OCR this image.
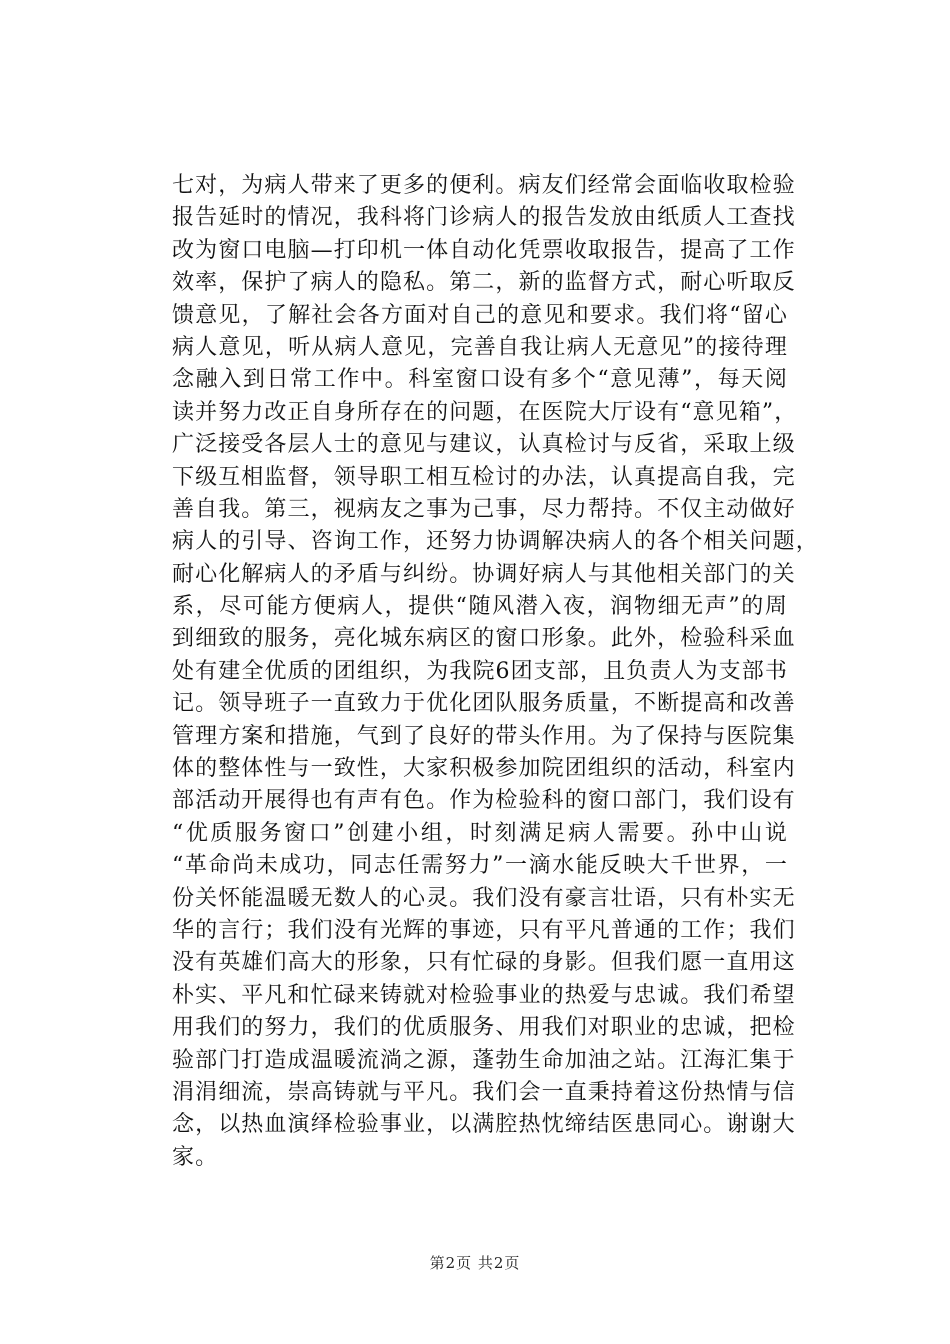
七对，为病人带来了更多的便利。病友们经常会面临收取检验
报告延时的情况，我科将门诊病人的报告发放由纸质人工查找
改为窗口电脑—打印机一体自动化凭票收取报告，提高了工作
效率，保护了病人的隐私。第二，新的监督方式，耐心听取反
馈意见，了解社会各方面对自己的意见和要求。我们将“留心
病人意见，听从病人意见，完善自我让病人无意见”的接待理
念融入到日常工作中。科室窗口设有多个“意见薄”，每天阅
读并努力改正自身所存在的问题，在医院大厅设有“意见箱”，
广泛接受各层人士的意见与建议，认真检讨与反省，采取上级
下级互相监督，领导职工相互检讨的办法，认真提高自我，完
善自我。第三，视病友之事为己事，尽力帮持。不仅主动做好
病人的引导、咨询工作，还努力协调解决病人的各个相关问题，
耐心化解病人的矛盾与纠纷。协调好病人与其他相关部门的关
系，尽可能方便病人，提供“随风潜入夜，润物细无声”的周
到细致的服务，亮化城东病区的窗口形象。此外，检验科采血
处有建全优质的团组织，为我院6团支部，且负责人为支部书
记。领导班子一直致力于优化团队服务质量，不断提高和改善
管理方案和措施，气到了良好的带头作用。为了保持与医院集
体的整体性与一致性，大家积极参加院团组织的活动，科室内
部活动开展得也有声有色。作为检验科的窗口部门，我们设有
“优质服务窗口”创建小组，时刻满足病人需要。孙中山说
“革命尚未成功，同志任需努力”一滴水能反映大千世界，一
份关怀能温暖无数人的心灵。我们没有豪言壮语，只有朴实无
华的言行；我们没有光辉的事迹，只有平凡普通的工作；我们
没有英雄们高大的形象，只有忙碌的身影。但我们愿一直用这
朴实、平凡和忙碌来铸就对检验事业的热爱与忠诚。我们希望
用我们的努力，我们的优质服务、用我们对职业的忠诚，把检
验部门打造成温暖流淌之源，蓬勃生命加油之站。江海汇集于
涓涓细流，崇高铸就与平凡。我们会一直秉持着这份热情与信
念，以热血演绎检验事业，以满腔热忱缔结医患同心。谢谢大
家。
第2页 共2页
